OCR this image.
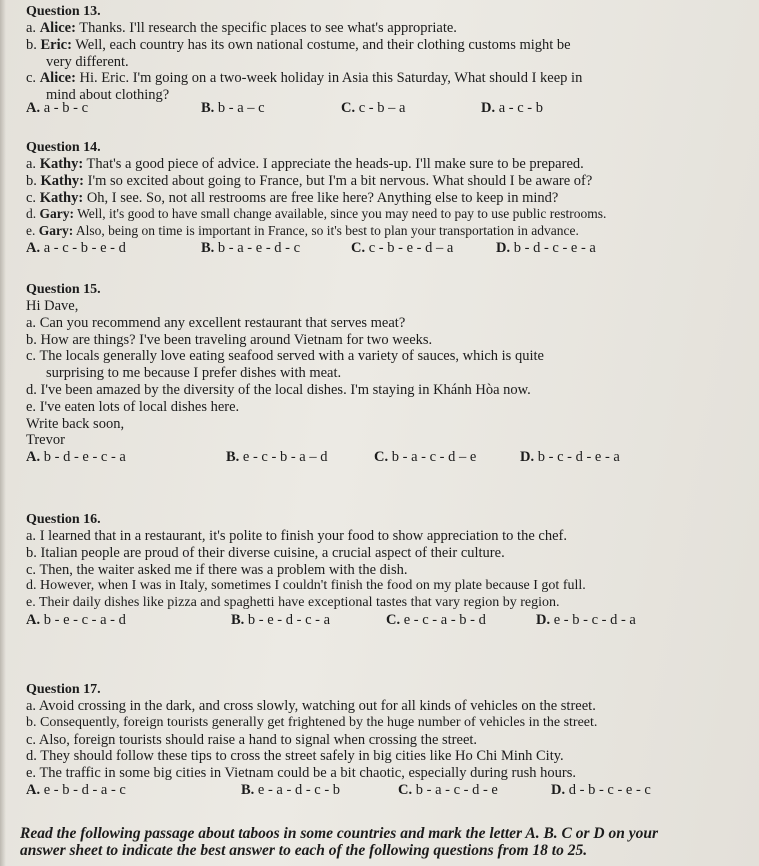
Question 13.
a. Alice: Thanks. I'll research the specific places to see what's appropriate.
b. Eric: Well, each country has its own national costume, and their clothing customs might be
very different.
c. Alice: Hi. Eric. I'm going on a two-week holiday in Asia this Saturday, What should I keep in
mind about clothing?
A. a - b - c	B. b - a – c	C. c - b – a	D. a - c - b
Question 14.
a. Kathy: That's a good piece of advice. I appreciate the heads-up. I'll make sure to be prepared.
b. Kathy: I'm so excited about going to France, but I'm a bit nervous. What should I be aware of?
c. Kathy: Oh, I see. So, not all restrooms are free like here? Anything else to keep in mind?
d. Gary: Well, it's good to have small change available, since you may need to pay to use public restrooms.
e. Gary: Also, being on time is important in France, so it's best to plan your transportation in advance.
A. a - c - b - e - d	B. b - a - e - d - c	C. c - b - e - d – a	D. b - d - c - e - a
Question 15.
Hi Dave,
a. Can you recommend any excellent restaurant that serves meat?
b. How are things? I've been traveling around Vietnam for two weeks.
c. The locals generally love eating seafood served with a variety of sauces, which is quite
surprising to me because I prefer dishes with meat.
d. I've been amazed by the diversity of the local dishes. I'm staying in Khánh Hòa now.
e. I've eaten lots of local dishes here.
Write back soon,
Trevor
A. b - d - e - c - a	B. e - c - b - a – d	C. b - a - c - d – e	D. b - c - d - e - a
Question 16.
a. I learned that in a restaurant, it's polite to finish your food to show appreciation to the chef.
b. Italian people are proud of their diverse cuisine, a crucial aspect of their culture.
c. Then, the waiter asked me if there was a problem with the dish.
d. However, when I was in Italy, sometimes I couldn't finish the food on my plate because I got full.
e. Their daily dishes like pizza and spaghetti have exceptional tastes that vary region by region.
A. b - e - c - a - d	B. b - e - d - c - a	C. e - c - a - b - d	D. e - b - c - d - a
Question 17.
a. Avoid crossing in the dark, and cross slowly, watching out for all kinds of vehicles on the street.
b. Consequently, foreign tourists generally get frightened by the huge number of vehicles in the street.
c. Also, foreign tourists should raise a hand to signal when crossing the street.
d. They should follow these tips to cross the street safely in big cities like Ho Chi Minh City.
e. The traffic in some big cities in Vietnam could be a bit chaotic, especially during rush hours.
A. e - b - d - a - c	B. e - a - d - c - b	C. b - a - c - d - e	D. d - b - c - e - c
Read the following passage about taboos in some countries and mark the letter A. B. C or D on your
answer sheet to indicate the best answer to each of the following questions from 18 to 25.
